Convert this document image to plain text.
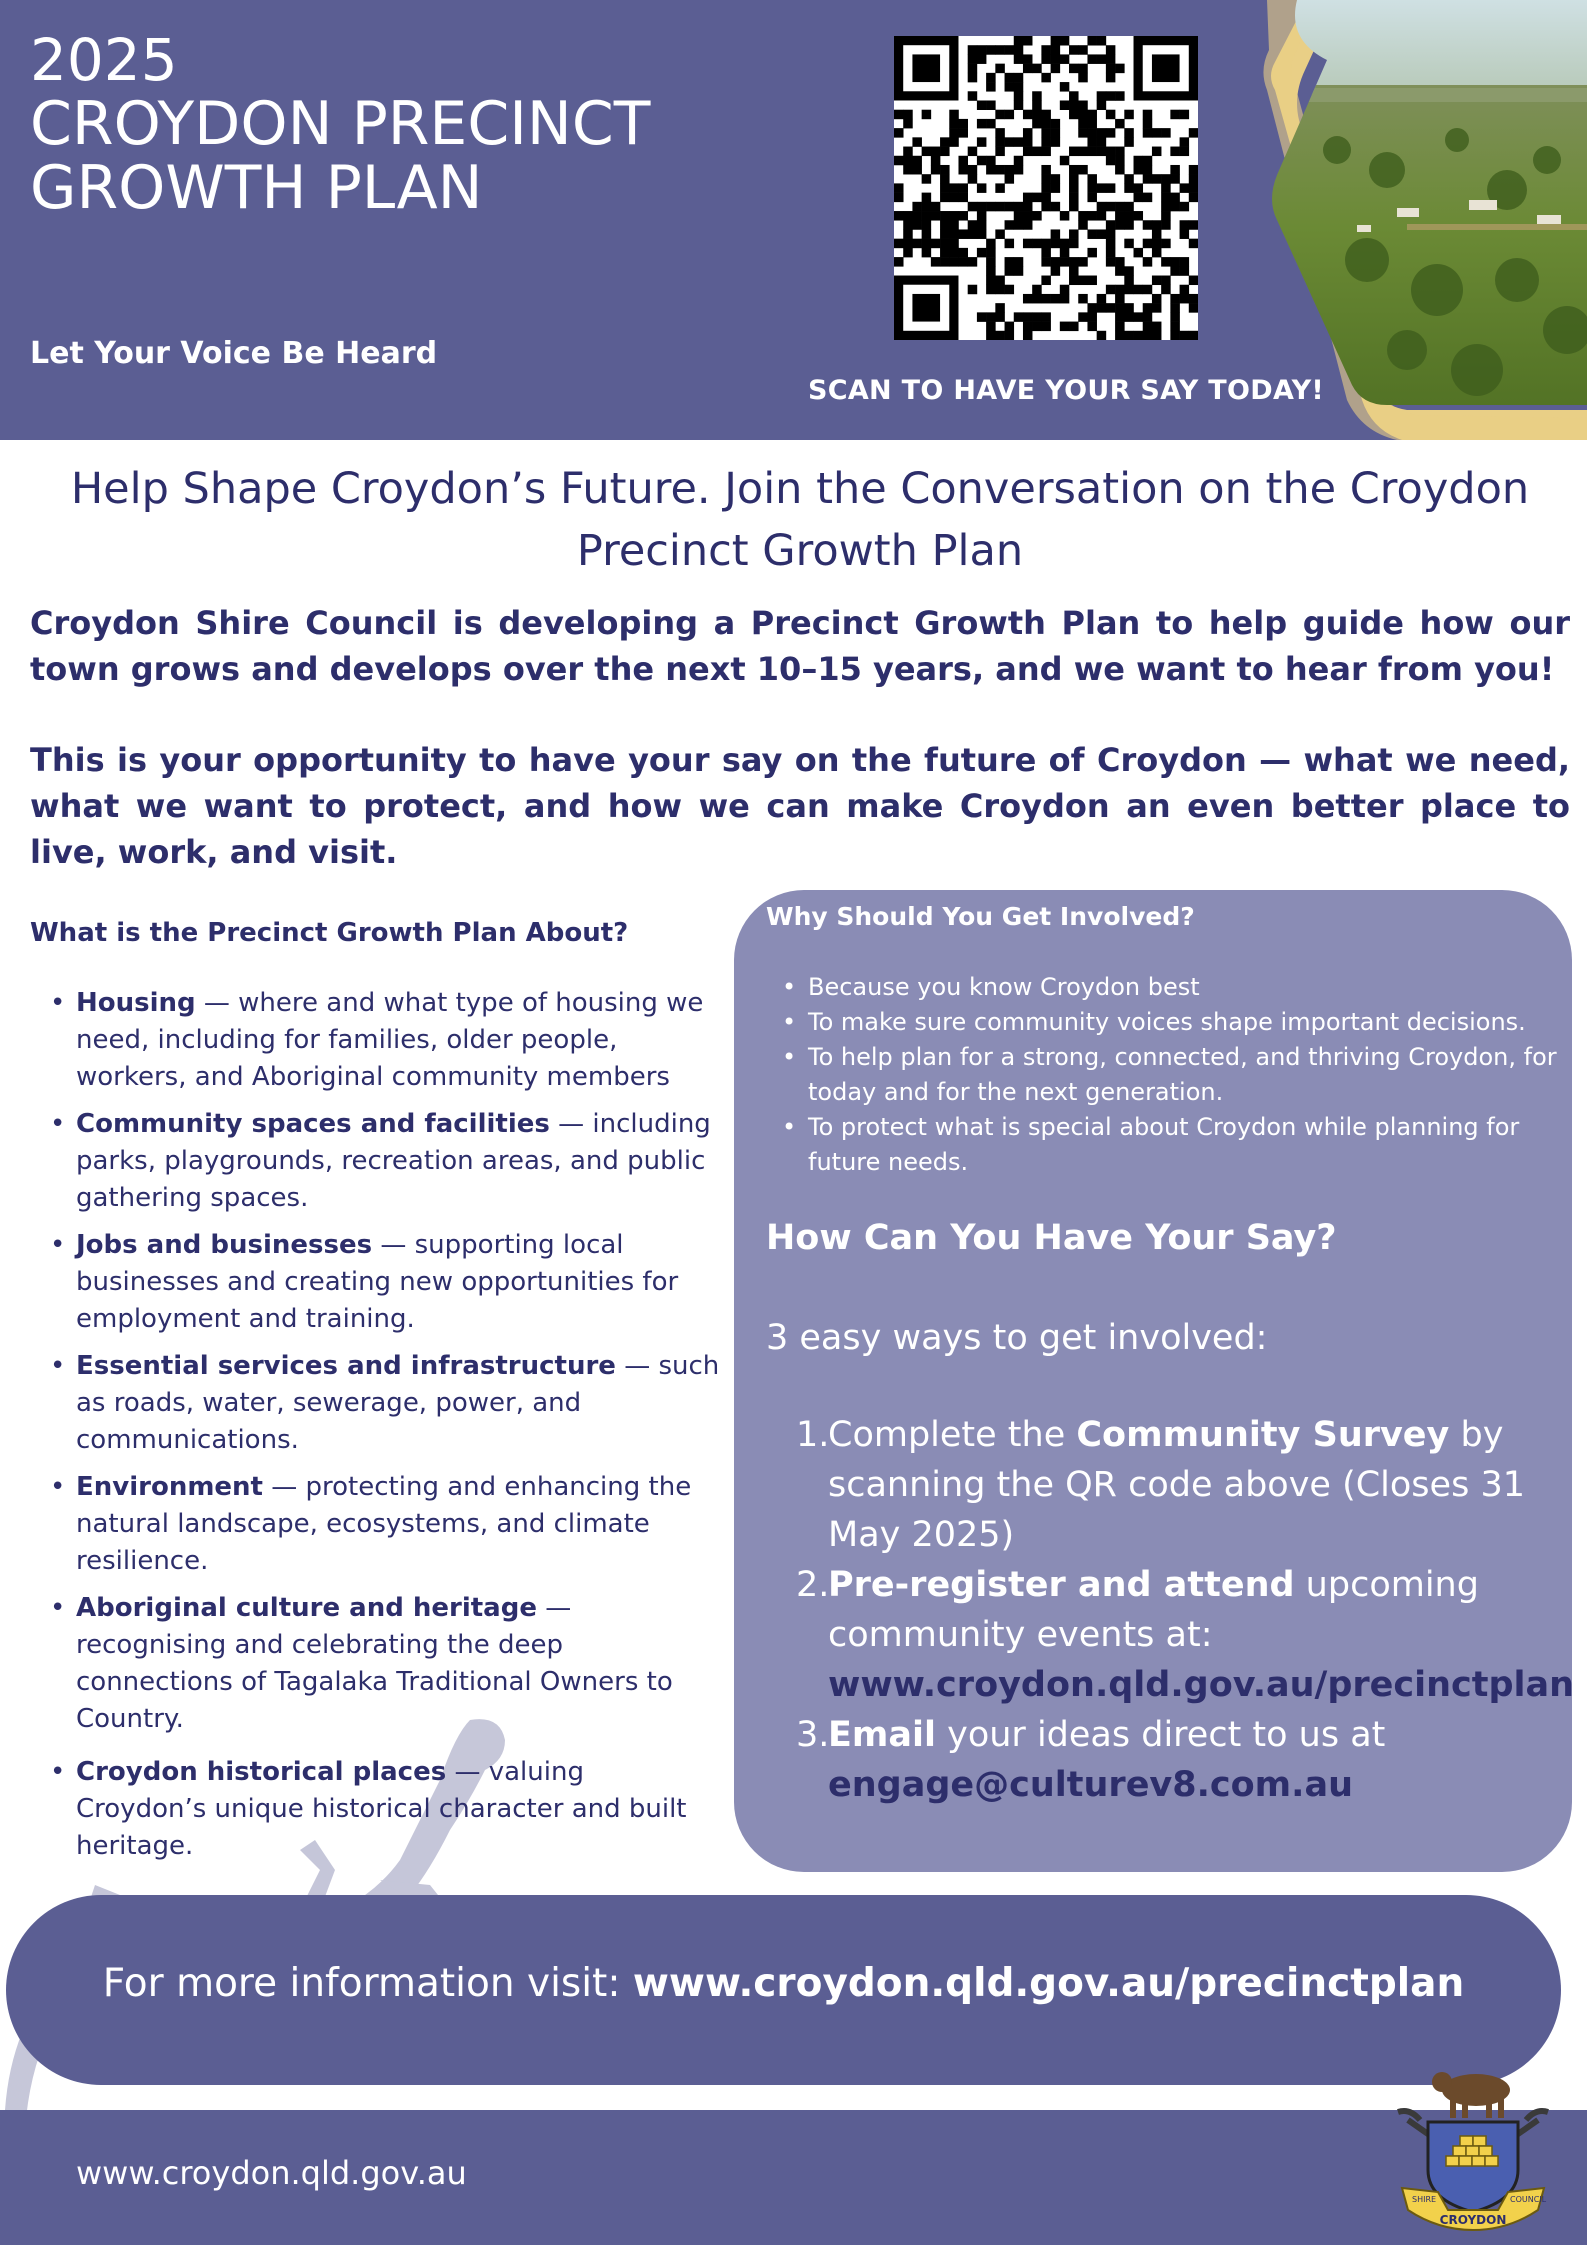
2025
CROYDON PRECINCT GROWTH PLAN
Let Your Voice Be Heard
SCAN TO HAVE YOUR SAY TODAY!
Help Shape Croydon’s Future. Join the Conversation on the Croydon Precinct Growth Plan

Croydon Shire Council is developing a Precinct Growth Plan to help guide how our town grows and develops over the next 10–15 years, and we want to hear from you!

This is your opportunity to have your say on the future of Croydon — what we need, what we want to protect, and how we can make Croydon an even better place to live, work, and visit.

What is the Precinct Growth Plan About?
• Housing — where and what type of housing we need, including for families, older people, workers, and Aboriginal community members
• Community spaces and facilities — including parks, playgrounds, recreation areas, and public gathering spaces.
• Jobs and businesses — supporting local businesses and creating new opportunities for employment and training.
• Essential services and infrastructure — such as roads, water, sewerage, power, and communications.
• Environment — protecting and enhancing the natural landscape, ecosystems, and climate resilience.
• Aboriginal culture and heritage — recognising and celebrating the deep connections of Tagalaka Traditional Owners to Country.
• Croydon historical places — valuing Croydon’s unique historical character and built heritage.
Why Should You Get Involved?
• Because you know Croydon best
• To make sure community voices shape important decisions.
• To help plan for a strong, connected, and thriving Croydon, for today and for the next generation.
• To protect what is special about Croydon while planning for future needs.
How Can You Have Your Say?
3 easy ways to get involved:
1.
Complete the Community Survey by scanning the QR code above (Closes 31 May 2025)
2.
Pre-register and attend upcoming community events at:
www.croydon.qld.gov.au/precinctplan
3.
Email your ideas direct to us at
engage@culturev8.com.au
For more information visit: www.croydon.qld.gov.au/precinctplan
www.croydon.qld.gov.au
SHIRE	COUNCIL
CROYDON
